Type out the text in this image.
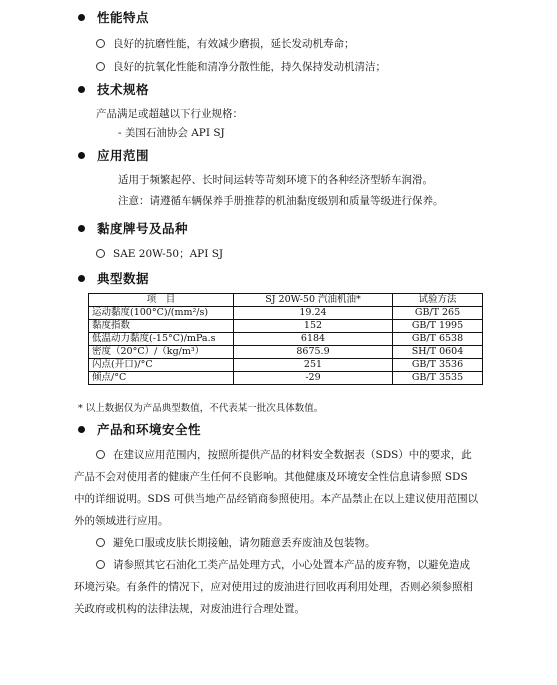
性能特点
良好的抗磨性能，有效减少磨损，延长发动机寿命；
良好的抗氧化性能和清净分散性能，持久保持发动机清洁；
技术规格
产品满足或超越以下行业规格：
- 美国石油协会 API SJ
应用范围
适用于频繁起停、长时间运转等苛刻环境下的各种经济型轿车润滑。
注意：请遵循车辆保养手册推荐的机油黏度级别和质量等级进行保养。
黏度牌号及品种
SAE 20W-50；API SJ
典型数据
项　目	SJ 20W-50 汽油机油*	试验方法
运动黏度(100°C)/(mm²/s)	19.24	GB/T 265
黏度指数	152	GB/T 1995
低温动力黏度(-15°C)/mPa.s	6184	GB/T 6538
密度（20°C）/（kg/m³）	8675.9	SH/T 0604
闪点(开口)/°C	251	GB/T 3536
倾点/°C	-29	GB/T 3535
* 以上数据仅为产品典型数值，不代表某一批次具体数值。
产品和环境安全性
在建议应用范围内，按照所提供产品的材料安全数据表（SDS）中的要求，此
产品不会对使用者的健康产生任何不良影响。其他健康及环境安全性信息请参照 SDS
中的详细说明。SDS 可供当地产品经销商参照使用。本产品禁止在以上建议使用范围以
外的领域进行应用。
避免口服或皮肤长期接触，请勿随意丢弃废油及包装物。
请参照其它石油化工类产品处理方式，小心处置本产品的废弃物，以避免造成
环境污染。有条件的情况下，应对使用过的废油进行回收再利用处理，否则必须参照相
关政府或机构的法律法规，对废油进行合理处置。
